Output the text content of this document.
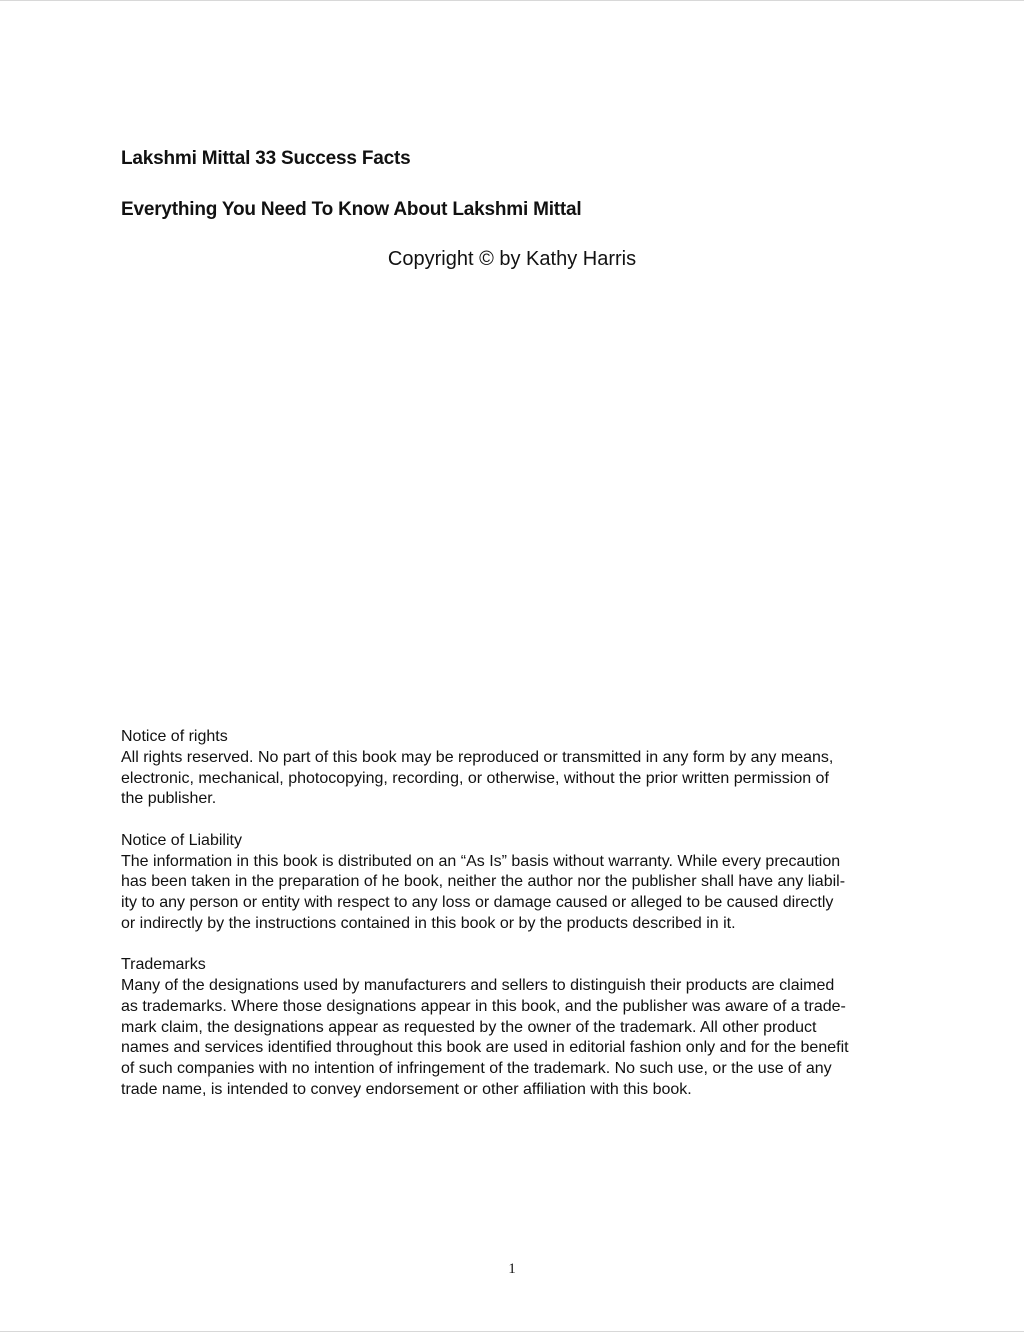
Lakshmi Mittal 33 Success Facts
Everything You Need To Know About Lakshmi Mittal
Copyright © by Kathy Harris
Notice of rights
All rights reserved. No part of this book may be reproduced or transmitted in any form by any means,
electronic, mechanical, photocopying, recording, or otherwise, without the prior written permission of
the publisher.
Notice of Liability
The information in this book is distributed on an “As Is” basis without warranty. While every precaution
has been taken in the preparation of he book, neither the author nor the publisher shall have any liabil-
ity to any person or entity with respect to any loss or damage caused or alleged to be caused directly
or indirectly by the instructions contained in this book or by the products described in it.
Trademarks
Many of the designations used by manufacturers and sellers to distinguish their products are claimed
as trademarks. Where those designations appear in this book, and the publisher was aware of a trade-
mark claim, the designations appear as requested by the owner of the trademark. All other product
names and services identified throughout this book are used in editorial fashion only and for the benefit
of such companies with no intention of infringement of the trademark. No such use, or the use of any
trade name, is intended to convey endorsement or other affiliation with this book.
1
